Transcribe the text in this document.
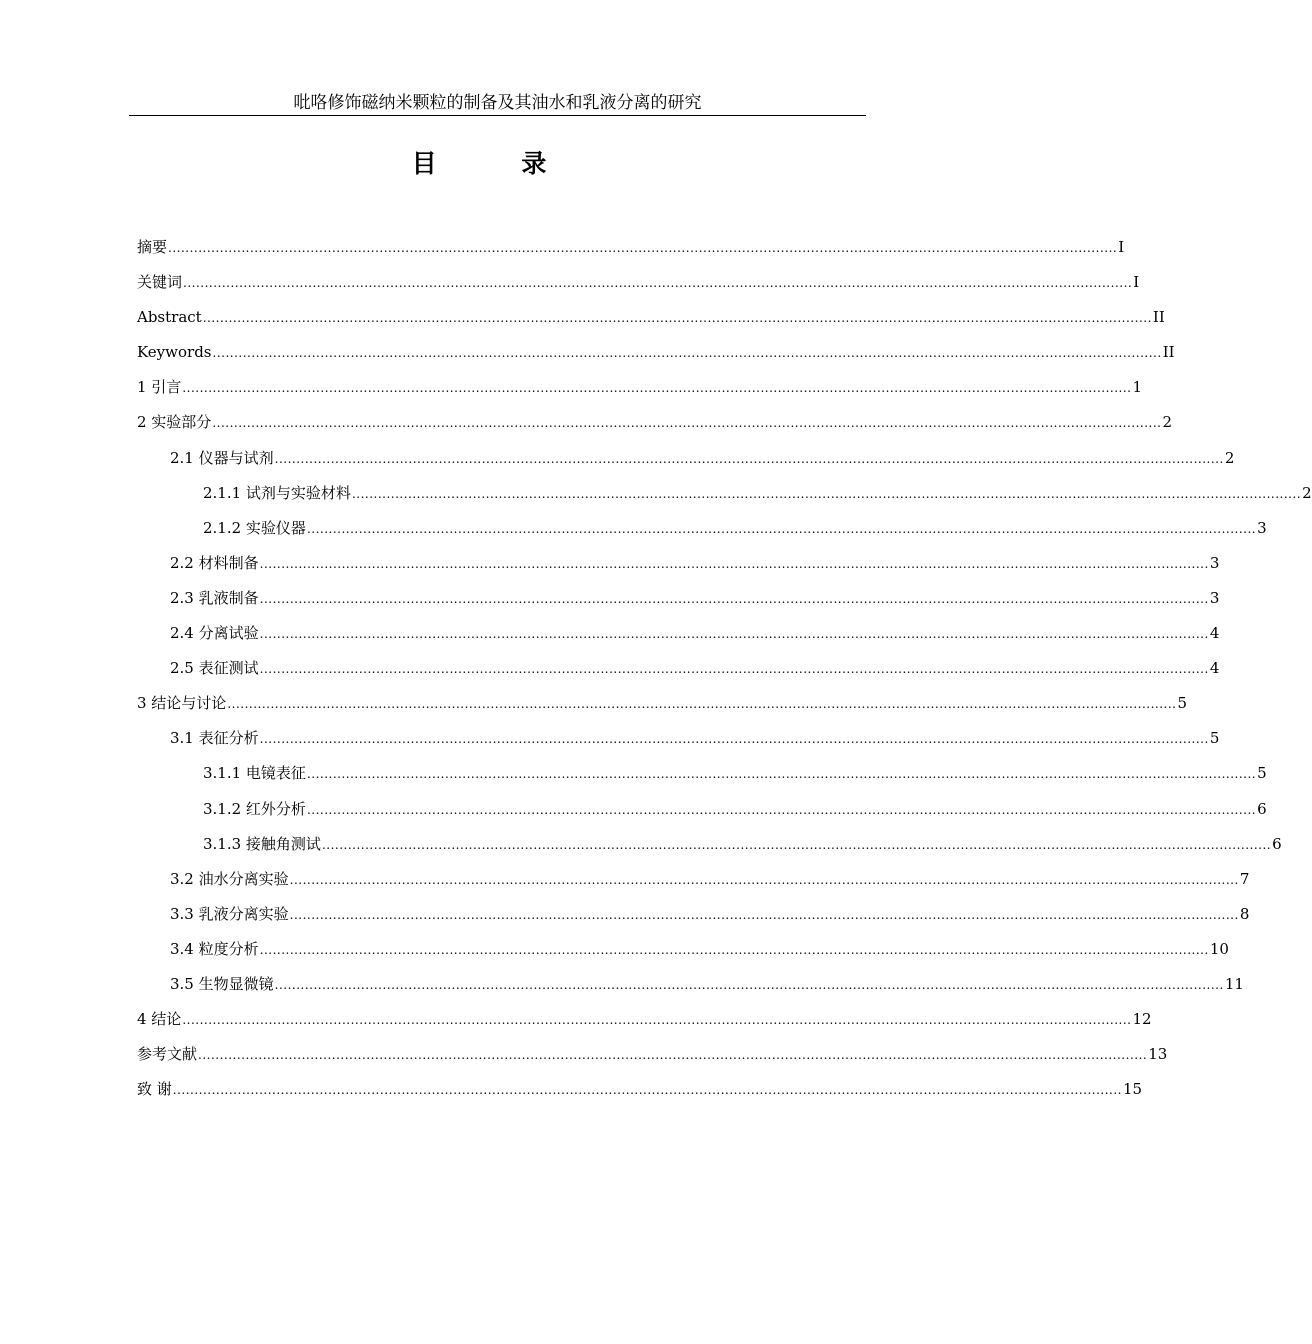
吡咯修饰磁纳米颗粒的制备及其油水和乳液分离的研究
目 录
摘要 ............................................................................................................................................................................................................................ I
关键词 ............................................................................................................................................................................................................................ I
Abstract ............................................................................................................................................................................................................................ II
Keywords ............................................................................................................................................................................................................................ II
1 引言 ............................................................................................................................................................................................................................ 1
2 实验部分 ............................................................................................................................................................................................................................ 2
2.1 仪器与试剂 ............................................................................................................................................................................................................................ 2
2.1.1 试剂与实验材料 ............................................................................................................................................................................................................................ 2
2.1.2 实验仪器 ............................................................................................................................................................................................................................ 3
2.2 材料制备 ............................................................................................................................................................................................................................ 3
2.3 乳液制备 ............................................................................................................................................................................................................................ 3
2.4 分离试验 ............................................................................................................................................................................................................................ 4
2.5 表征测试 ............................................................................................................................................................................................................................ 4
3 结论与讨论 ............................................................................................................................................................................................................................ 5
3.1 表征分析 ............................................................................................................................................................................................................................ 5
3.1.1 电镜表征 ............................................................................................................................................................................................................................ 5
3.1.2 红外分析 ............................................................................................................................................................................................................................ 6
3.1.3 接触角测试 ............................................................................................................................................................................................................................ 6
3.2 油水分离实验 ............................................................................................................................................................................................................................ 7
3.3 乳液分离实验 ............................................................................................................................................................................................................................ 8
3.4 粒度分析 ............................................................................................................................................................................................................................ 10
3.5 生物显微镜 ............................................................................................................................................................................................................................ 11
4 结论 ............................................................................................................................................................................................................................ 12
参考文献 ............................................................................................................................................................................................................................ 13
致 谢 ............................................................................................................................................................................................................................ 15
